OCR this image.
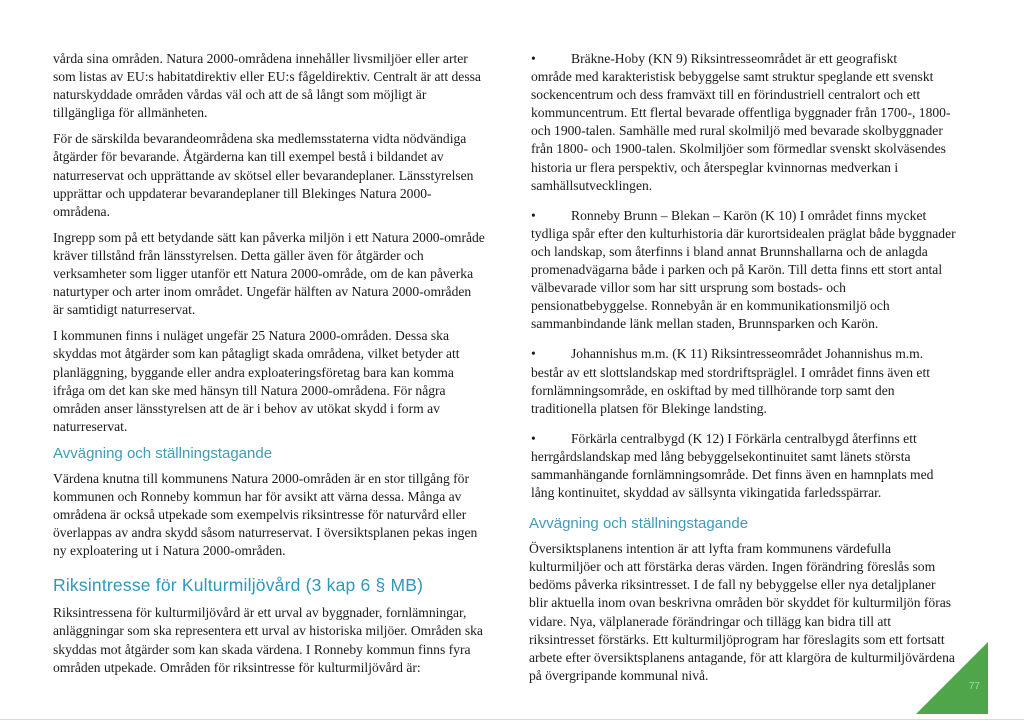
vårda sina områden. Natura 2000-områdena innehåller livsmiljöer eller arter som listas av EU:s habitatdirektiv eller EU:s fågeldirektiv. Centralt är att dessa naturskyddade områden vårdas väl och att de så långt som möjligt är tillgängliga för allmänheten.

För de särskilda bevarandeområdena ska medlemsstaterna vidta nödvändiga åtgärder för bevarande. Åtgärderna kan till exempel bestå i bildandet av naturreservat och upprättande av skötsel eller bevarandeplaner. Länsstyrelsen upprättar och uppdaterar bevarandeplaner till Blekinges Natura 2000-områdena.

Ingrepp som på ett betydande sätt kan påverka miljön i ett Natura 2000-område kräver tillstånd från länsstyrelsen. Detta gäller även för åtgärder och verksamheter som ligger utanför ett Natura 2000-område, om de kan påverka naturtyper och arter inom området. Ungefär hälften av Natura 2000-områden är samtidigt naturreservat.

I kommunen finns i nuläget ungefär 25 Natura 2000-områden. Dessa ska skyddas mot åtgärder som kan påtagligt skada områdena, vilket betyder att planläggning, byggande eller andra exploateringsföretag bara kan komma ifråga om det kan ske med hänsyn till Natura 2000-områdena. För några områden anser länsstyrelsen att de är i behov av utökat skydd i form av naturreservat.

Avvägning och ställningstagande

Värdena knutna till kommunens Natura 2000-områden är en stor tillgång för kommunen och Ronneby kommun har för avsikt att värna dessa. Många av områdena är också utpekade som exempelvis riksintresse för naturvård eller överlappas av andra skydd såsom naturreservat. I översiktsplanen pekas ingen ny exploatering ut i Natura 2000-områden.

Riksintresse för Kulturmiljövård (3 kap 6 § MB)

Riksintressena för kulturmiljövård är ett urval av byggnader, fornlämningar, anläggningar som ska representera ett urval av historiska miljöer. Områden ska skyddas mot åtgärder som kan skada värdena. I Ronneby kommun finns fyra områden utpekade. Områden för riksintresse för kulturmiljövård är:

•	Bräkne-Hoby (KN 9) Riksintresseområdet är ett geografiskt
område med karakteristisk bebyggelse samt struktur speglande ett svenskt sockencentrum och dess framväxt till en förindustriell centralort och ett kommuncentrum. Ett flertal bevarade offentliga byggnader från 1700-, 1800- och 1900-talen. Samhälle med rural skolmiljö med bevarade skolbyggnader från 1800- och 1900-talen. Skolmiljöer som förmedlar svenskt skolväsendes historia ur flera perspektiv, och återspeglar kvinnornas medverkan i samhällsutvecklingen.
•	Ronneby Brunn – Blekan – Karön (K 10) I området finns mycket
tydliga spår efter den kulturhistoria där kurortsidealen präglat både byggnader och landskap, som återfinns i bland annat Brunnshallarna och de anlagda promenadvägarna både i parken och på Karön. Till detta finns ett stort antal välbevarade villor som har sitt ursprung som bostads- och pensionatbebyggelse. Ronnebyån är en kommunikationsmiljö och sammanbindande länk mellan staden, Brunnsparken och Karön.
•	Johannishus m.m. (K 11) Riksintresseområdet Johannishus m.m.
består av ett slottslandskap med stordriftspräglel. I området finns även ett fornlämningsområde, en oskiftad by med tillhörande torp samt den traditionella platsen för Blekinge landsting.
•	Förkärla centralbygd (K 12) I Förkärla centralbygd återfinns ett
herrgårdslandskap med lång bebyggelsekontinuitet samt länets största sammanhängande fornlämningsområde. Det finns även en hamnplats med lång kontinuitet, skyddad av sällsynta vikingatida farledsspärrar.
Avvägning och ställningstagande

Översiktsplanens intention är att lyfta fram kommunens värdefulla kulturmiljöer och att förstärka deras värden. Ingen förändring föreslås som bedöms påverka riksintresset. I de fall ny bebyggelse eller nya detaljplaner blir aktuella inom ovan beskrivna områden bör skyddet för kulturmiljön föras vidare. Nya, välplanerade förändringar och tillägg kan bidra till att riksintresset förstärks. Ett kulturmiljöprogram har föreslagits som ett fortsatt arbete efter översiktsplanens antagande, för att klargöra de kulturmiljövärdena på övergripande kommunal nivå.

77
